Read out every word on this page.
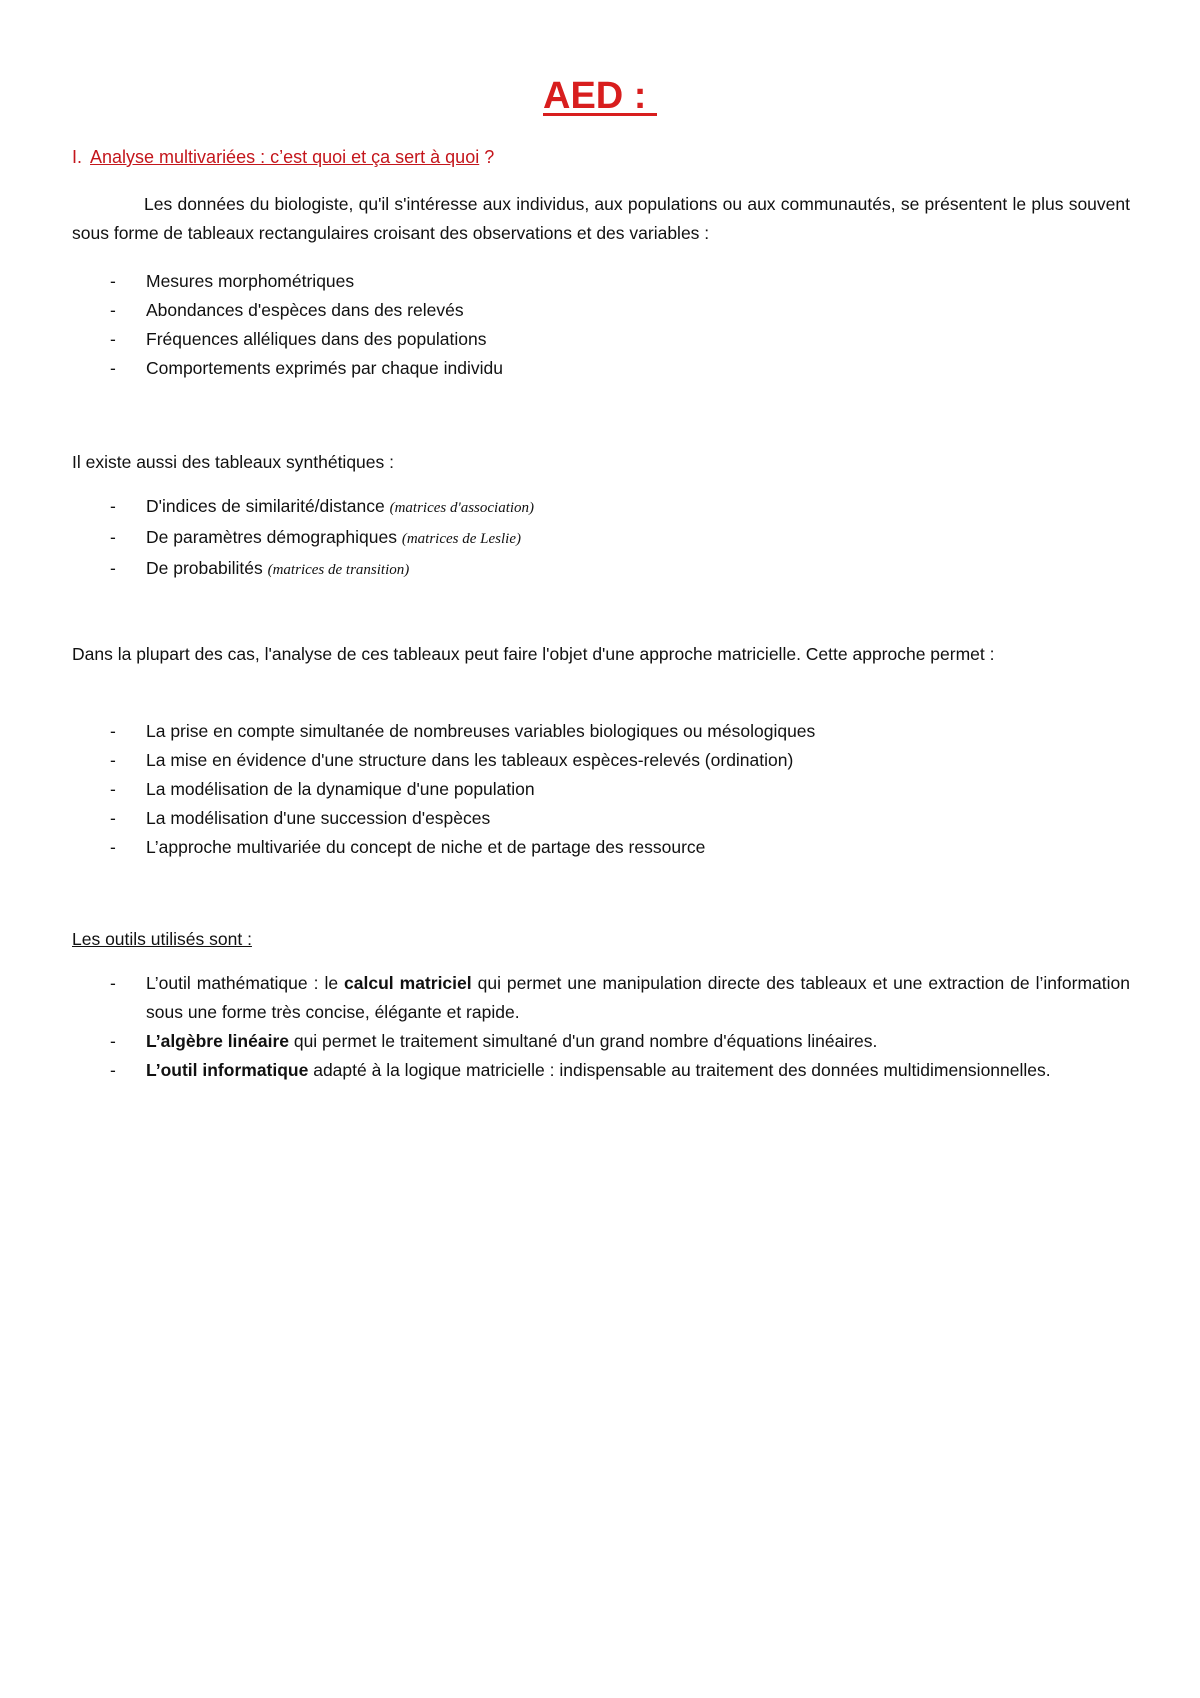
AED :
I. Analyse multivariées : c’est quoi et ça sert à quoi ?
Les données du biologiste, qu'il s'intéresse aux individus, aux populations ou aux communautés, se présentent le plus souvent sous forme de tableaux rectangulaires croisant des observations et des variables :
- Mesures morphométriques
- Abondances d'espèces dans des relevés
- Fréquences alléliques dans des populations
- Comportements exprimés par chaque individu
Il existe aussi des tableaux synthétiques :
- D'indices de similarité/distance (matrices d'association)
- De paramètres démographiques (matrices de Leslie)
- De probabilités (matrices de transition)
Dans la plupart des cas, l'analyse de ces tableaux peut faire l'objet d'une approche matricielle. Cette approche permet :
- La prise en compte simultanée de nombreuses variables biologiques ou mésologiques
- La mise en évidence d'une structure dans les tableaux espèces-relevés (ordination)
- La modélisation de la dynamique d'une population
- La modélisation d'une succession d'espèces
- L’approche multivariée du concept de niche et de partage des ressource
Les outils utilisés sont :
- L’outil mathématique : le calcul matriciel qui permet une manipulation directe des tableaux et une extraction de l’information sous une forme très concise, élégante et rapide.
- L’algèbre linéaire qui permet le traitement simultané d'un grand nombre d'équations linéaires.
- L’outil informatique adapté à la logique matricielle : indispensable au traitement des données multidimensionnelles.
